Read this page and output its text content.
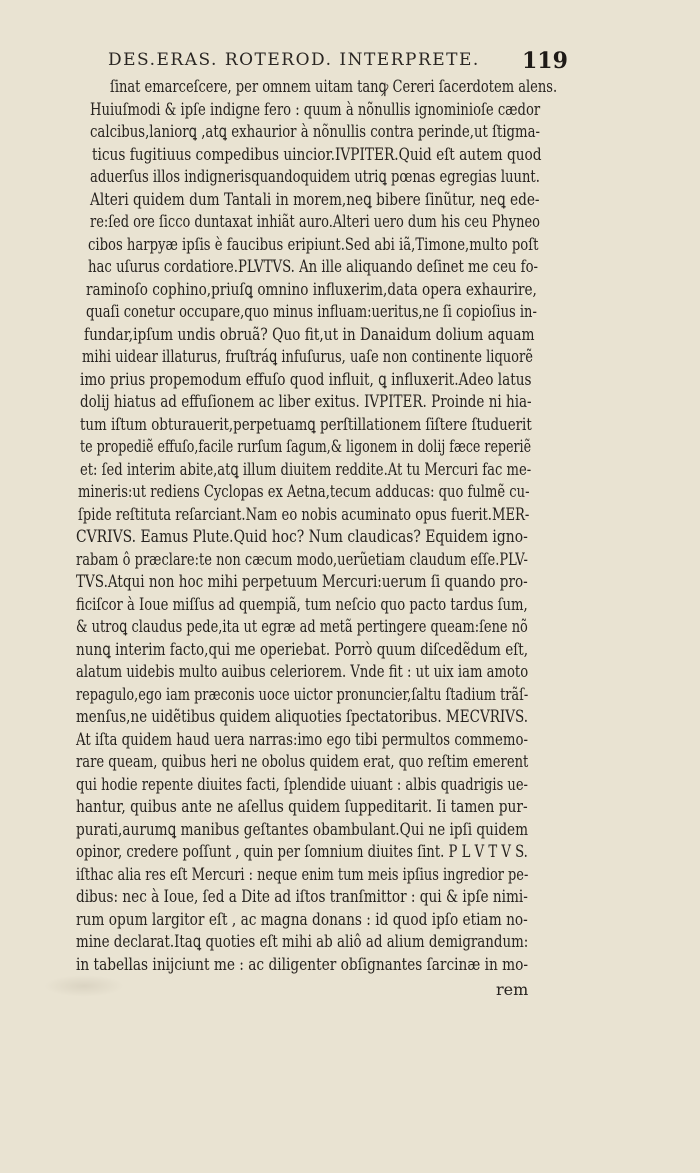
DES.ERAS. ROTEROD. INTERPRETE. 119
ſinat emarceſcere, per omnem uitam tanꝙ Cereri ſacerdotem alens.
Huiuſmodi & ipſe indigne fero : quum à nõnullis ignominioſe cædor
calcibus,laniorꝗ ,atꝗ exhaurior à nõnullis contra perinde,ut ſtigma-
ticus fugitiuus compedibus uincior.IVPITER.Quid eſt autem quod
aduerſus illos indignerisquandoquidem utriꝗ pœnas egregias luunt.
Alteri quidem dum Tantali in morem,neꝗ bibere ſinũtur, neꝗ ede-
re:ſed ore ſicco duntaxat inhiãt auro.Alteri uero dum his ceu Phyneo
cibos harpyæ ipſis è faucibus eripiunt.Sed abi iã,Timone,multo poſt
hac uſurus cordatiore.PLVTVS. An ille aliquando deſinet me ceu fo-
raminoſo cophino,priuſꝗ omnino influxerim,data opera exhaurire,
quaſi conetur occupare,quo minus influam:ueritus,ne ſi copioſius in-
fundar,ipſum undis obruã? Quo fit,ut in Danaidum dolium aquam
mihi uidear illaturus, fruſtráꝗ infuſurus, uaſe non continente liquorẽ
imo prius propemodum effuſo quod influit, ꝗ influxerit.Adeo latus
dolij hiatus ad effuſionem ac liber exitus. IVPITER. Proinde ni hia-
tum iſtum obturauerit,perpetuamꝗ perſtillationem ſiſtere ſtuduerit
te propediẽ effuſo,facile rurſum ſagum,& ligonem in dolij fæce reperiẽ
et: ſed interim abite,atꝗ illum diuitem reddite.At tu Mercuri fac me-
mineris:ut rediens Cyclopas ex Aetna,tecum adducas: quo fulmẽ cu-
ſpide reſtituta reſarciant.Nam eo nobis acuminato opus fuerit.MER-
CVRIVS. Eamus Plute.Quid hoc? Num claudicas? Equidem igno-
rabam ô præclare:te non cæcum modo,uerũetiam claudum eſſe.PLV-
TVS.Atqui non hoc mihi perpetuum Mercuri:uerum ſi quando pro-
ficiſcor à Ioue miſſus ad quempiã, tum neſcio quo pacto tardus ſum,
& utroꝗ claudus pede,ita ut egræ ad metã pertingere queam:ſene nõ
nunꝗ interim facto,qui me operiebat. Porrò quum diſcedẽdum eſt,
alatum uidebis multo auibus celeriorem. Vnde fit : ut uix iam amoto
repagulo,ego iam præconis uoce uictor pronuncier,ſaltu ſtadium trãſ-
menſus,ne uidẽtibus quidem aliquoties ſpectatoribus. MECVRIVS.
At iſta quidem haud uera narras:imo ego tibi permultos commemo-
rare queam, quibus heri ne obolus quidem erat, quo reſtim emerent
qui hodie repente diuites facti, ſplendide uiuant : albis quadrigis ue-
hantur, quibus ante ne aſellus quidem ſuppeditarit. Ii tamen pur-
purati,aurumꝗ manibus geſtantes obambulant.Qui ne ipſi quidem
opinor, credere poſſunt , quin per ſomnium diuites ſint. P L V T V S.
iſthac alia res eſt Mercuri : neque enim tum meis ipſius ingredior pe-
dibus: nec à Ioue, ſed a Dite ad iſtos tranſmittor : qui & ipſe nimi-
rum opum largitor eſt , ac magna donans : id quod ipſo etiam no-
mine declarat.Itaꝗ quoties eſt mihi ab aliô ad alium demigrandum:
in tabellas inijciunt me : ac diligenter obſignantes ſarcinæ in mo-
rem
